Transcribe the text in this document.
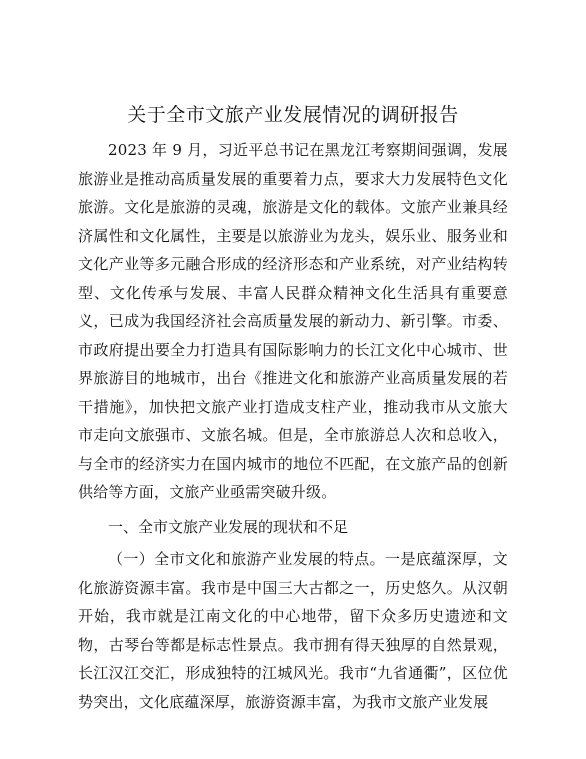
关于全市文旅产业发展情况的调研报告

2023 年 9 月，习近平总书记在黑龙江考察期间强调，发展旅游业是推动高质量发展的重要着力点，要求大力发展特色文化旅游。文化是旅游的灵魂，旅游是文化的载体。文旅产业兼具经济属性和文化属性，主要是以旅游业为龙头，娱乐业、服务业和文化产业等多元融合形成的经济形态和产业系统，对产业结构转型、文化传承与发展、丰富人民群众精神文化生活具有重要意义，已成为我国经济社会高质量发展的新动力、新引擎。市委、市政府提出要全力打造具有国际影响力的长江文化中心城市、世界旅游目的地城市，出台《推进文化和旅游产业高质量发展的若干措施》，加快把文旅产业打造成支柱产业，推动我市从文旅大市走向文旅强市、文旅名城。但是，全市旅游总人次和总收入，与全市的经济实力在国内城市的地位不匹配，在文旅产品的创新供给等方面，文旅产业亟需突破升级。

一、全市文旅产业发展的现状和不足

（一）全市文化和旅游产业发展的特点。一是底蕴深厚，文化旅游资源丰富。我市是中国三大古都之一，历史悠久。从汉朝开始，我市就是江南文化的中心地带，留下众多历史遗迹和文物，古琴台等都是标志性景点。我市拥有得天独厚的自然景观，长江汉江交汇，形成独特的江城风光。我市“九省通衢”，区位优势突出，文化底蕴深厚，旅游资源丰富，为我市文旅产业发展
